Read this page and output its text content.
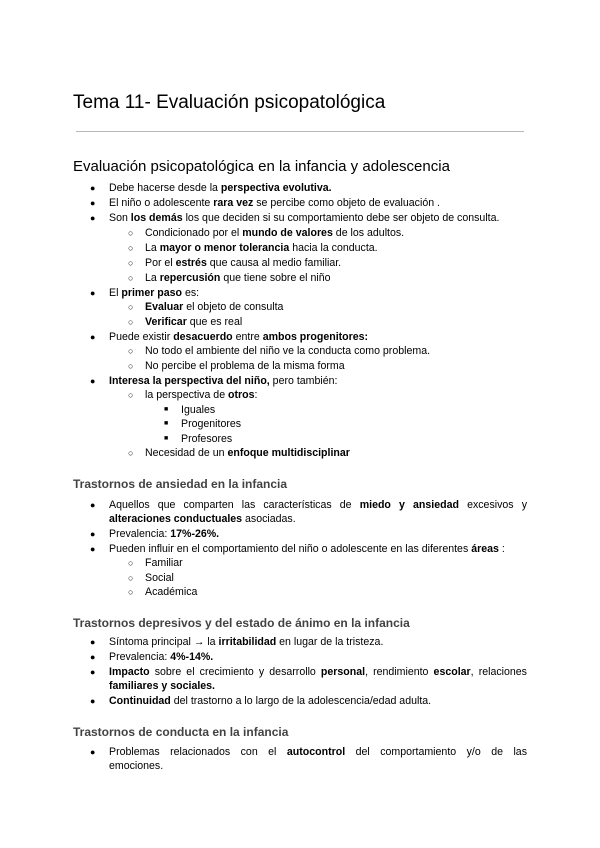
Tema 11- Evaluación psicopatológica
Evaluación psicopatológica en la infancia y adolescencia
● Debe hacerse desde la perspectiva evolutiva.
● El niño o adolescente rara vez se percibe como objeto de evaluación .
● Son los demás los que deciden si su comportamiento debe ser objeto de consulta.
○ Condicionado por el mundo de valores de los adultos.
○ La mayor o menor tolerancia hacia la conducta.
○ Por el estrés que causa al medio familiar.
○ La repercusión que tiene sobre el niño
● El primer paso es:
○ Evaluar el objeto de consulta
○ Verificar que es real
● Puede existir desacuerdo entre ambos progenitores:
○ No todo el ambiente del niño ve la conducta como problema.
○ No percibe el problema de la misma forma
● Interesa la perspectiva del niño, pero también:
○ la perspectiva de otros:
■ Iguales
■ Progenitores
■ Profesores
○ Necesidad de un enfoque multidisciplinar
Trastornos de ansiedad en la infancia
● Aquellos que comparten las características de miedo y ansiedad excesivos y
alteraciones conductuales asociadas.
● Prevalencia: 17%-26%.
● Pueden influir en el comportamiento del niño o adolescente en las diferentes áreas :
○ Familiar
○ Social
○ Académica
Trastornos depresivos y del estado de ánimo en la infancia
● Síntoma principal → la irritabilidad en lugar de la tristeza.
● Prevalencia: 4%-14%.
● Impacto sobre el crecimiento y desarrollo personal, rendimiento escolar, relaciones
familiares y sociales.
● Continuidad del trastorno a lo largo de la adolescencia/edad adulta.
Trastornos de conducta en la infancia
● Problemas relacionados con el autocontrol del comportamiento y/o de las
emociones.
